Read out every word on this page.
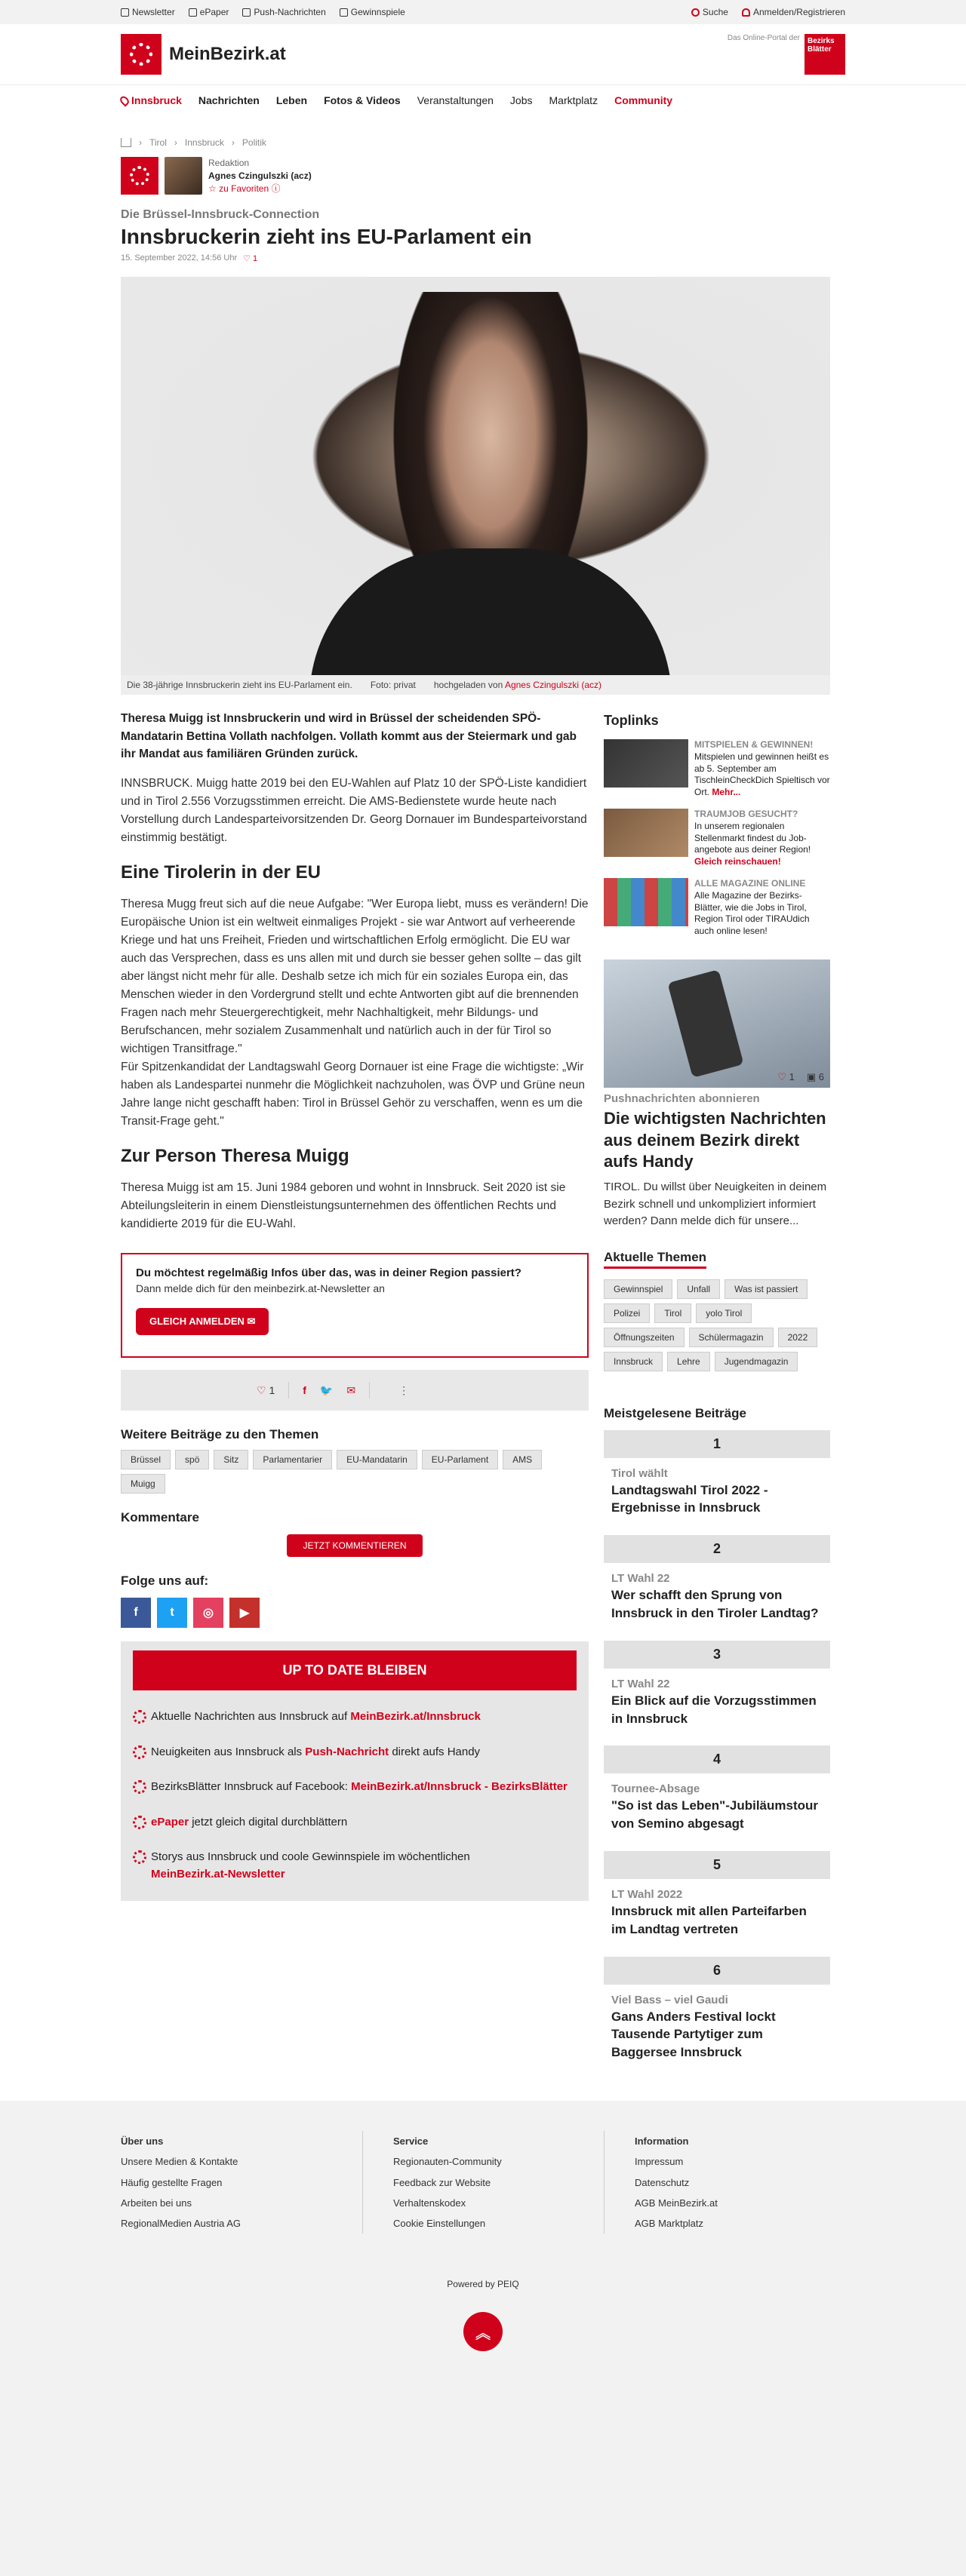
Newsletter	ePaper	Push-Nachrichten	Gewinnspiele	Suche	Anmelden/Registrieren
MeinBezirk.at
Das Online-Portal der	Bezirks Blätter
Innsbruck Nachrichten Leben Fotos & Videos Veranstaltungen Jobs Marktplatz Community
› Tirol › Innsbruck › Politik
Redaktion
Agnes Czingulszki (acz)
☆ zu Favoriten ⓘ
Die Brüssel-Innsbruck-Connection
Innsbruckerin zieht ins EU-Parlament ein
15. September 2022, 14:56 Uhr ♡ 1
Die 38-jährige Innsbruckerin zieht ins EU-Parlament ein. Foto: privat hochgeladen von Agnes Czingulszki (acz)

Theresa Muigg ist Innsbruckerin und wird in Brüssel der scheidenden SPÖ-Mandatarin Bettina Vollath nachfolgen. Vollath kommt aus der Steiermark und gab ihr Mandat aus familiären Gründen zurück.

INNSBRUCK. Muigg hatte 2019 bei den EU-Wahlen auf Platz 10 der SPÖ-Liste kandidiert und in Tirol 2.556 Vorzugsstimmen erreicht. Die AMS-Bedienstete wurde heute nach Vorstellung durch Landesparteivorsitzenden Dr. Georg Dornauer im Bundesparteivorstand einstimmig bestätigt.

Eine Tirolerin in der EU

Theresa Mugg freut sich auf die neue Aufgabe: "Wer Europa liebt, muss es verändern! Die Europäische Union ist ein weltweit einmaliges Projekt - sie war Antwort auf verheerende Kriege und hat uns Freiheit, Frieden und wirtschaftlichen Erfolg ermöglicht. Die EU war auch das Versprechen, dass es uns allen mit und durch sie besser gehen sollte – das gilt aber längst nicht mehr für alle. Deshalb setze ich mich für ein soziales Europa ein, das Menschen wieder in den Vordergrund stellt und echte Antworten gibt auf die brennenden Fragen nach mehr Steuergerechtigkeit, mehr Nachhaltigkeit, mehr Bildungs- und Berufschancen, mehr sozialem Zusammenhalt und natürlich auch in der für Tirol so wichtigen Transitfrage."

Für Spitzenkandidat der Landtagswahl Georg Dornauer ist eine Frage die wichtigste: „Wir haben als Landespartei nunmehr die Möglichkeit nachzuholen, was ÖVP und Grüne neun Jahre lange nicht geschafft haben: Tirol in Brüssel Gehör zu verschaffen, wenn es um die Transit-Frage geht."

Zur Person Theresa Muigg

Theresa Muigg ist am 15. Juni 1984 geboren und wohnt in Innsbruck. Seit 2020 ist sie Abteilungsleiterin in einem Dienstleistungsunternehmen des öffentlichen Rechts und kandidierte 2019 für die EU-Wahl.

Du möchtest regelmäßig Infos über das, was in deiner Region passiert?
Dann melde dich für den meinbezirk.at-Newsletter an
GLEICH ANMELDEN ✉
♡ 1	f 🐦 ✉	⋮
Weitere Beiträge zu den Themen
Brüssel	spö	Sitz	Parlamentarier	EU-Mandatarin	EU-Parlament	AMS
Muigg
Kommentare
JETZT KOMMENTIEREN
Folge uns auf:
f	t	◎	▶
UP TO DATE BLEIBEN
Aktuelle Nachrichten aus Innsbruck auf MeinBezirk.at/Innsbruck
Neuigkeiten aus Innsbruck als Push-Nachricht direkt aufs Handy
BezirksBlätter Innsbruck auf Facebook: MeinBezirk.at/Innsbruck - BezirksBlätter
ePaper jetzt gleich digital durchblättern
Storys aus Innsbruck und coole Gewinnspiele im wöchentlichen
MeinBezirk.at-Newsletter
Toplinks
MITSPIELEN & GEWINNEN!
Mitspielen und gewinnen heißt es ab 5. September am TischleinCheckDich Spieltisch vor Ort. Mehr...
TRAUMJOB GESUCHT?
In unserem regionalen Stellenmarkt findest du Job-angebote aus deiner Region! Gleich reinschauen!
ALLE MAGAZINE ONLINE
Alle Magazine der Bezirks-Blätter, wie die Jobs in Tirol, Region Tirol oder TIRAUdich auch online lesen!
♡ 1 ▣ 6
Pushnachrichten abonnieren
Die wichtigsten Nachrichten aus deinem Bezirk direkt aufs Handy
TIROL. Du willst über Neuigkeiten in deinem Bezirk schnell und unkompliziert informiert werden? Dann melde dich für unsere...
Aktuelle Themen
Gewinnspiel	Unfall	Was ist passiert
Polizei	Tirol	yolo Tirol
Öffnungszeiten	Schülermagazin	2022
Innsbruck	Lehre	Jugendmagazin
Meistgelesene Beiträge
1
Tirol wählt
Landtagswahl Tirol 2022 - Ergebnisse in Innsbruck
2
LT Wahl 22
Wer schafft den Sprung von Innsbruck in den Tiroler Landtag?
3
LT Wahl 22
Ein Blick auf die Vorzugsstimmen in Innsbruck
4
Tournee-Absage
"So ist das Leben"-Jubiläumstour von Semino abgesagt
5
LT Wahl 2022
Innsbruck mit allen Parteifarben im Landtag vertreten
6
Viel Bass – viel Gaudi
Gans Anders Festival lockt Tausende Partytiger zum Baggersee Innsbruck
Über uns
Unsere Medien & Kontakte
Häufig gestellte Fragen
Arbeiten bei uns
RegionalMedien Austria AG
Service
Regionauten-Community
Feedback zur Website
Verhaltenskodex
Cookie Einstellungen
Information
Impressum
Datenschutz
AGB MeinBezirk.at
AGB Marktplatz
Powered by PEIQ
︽
